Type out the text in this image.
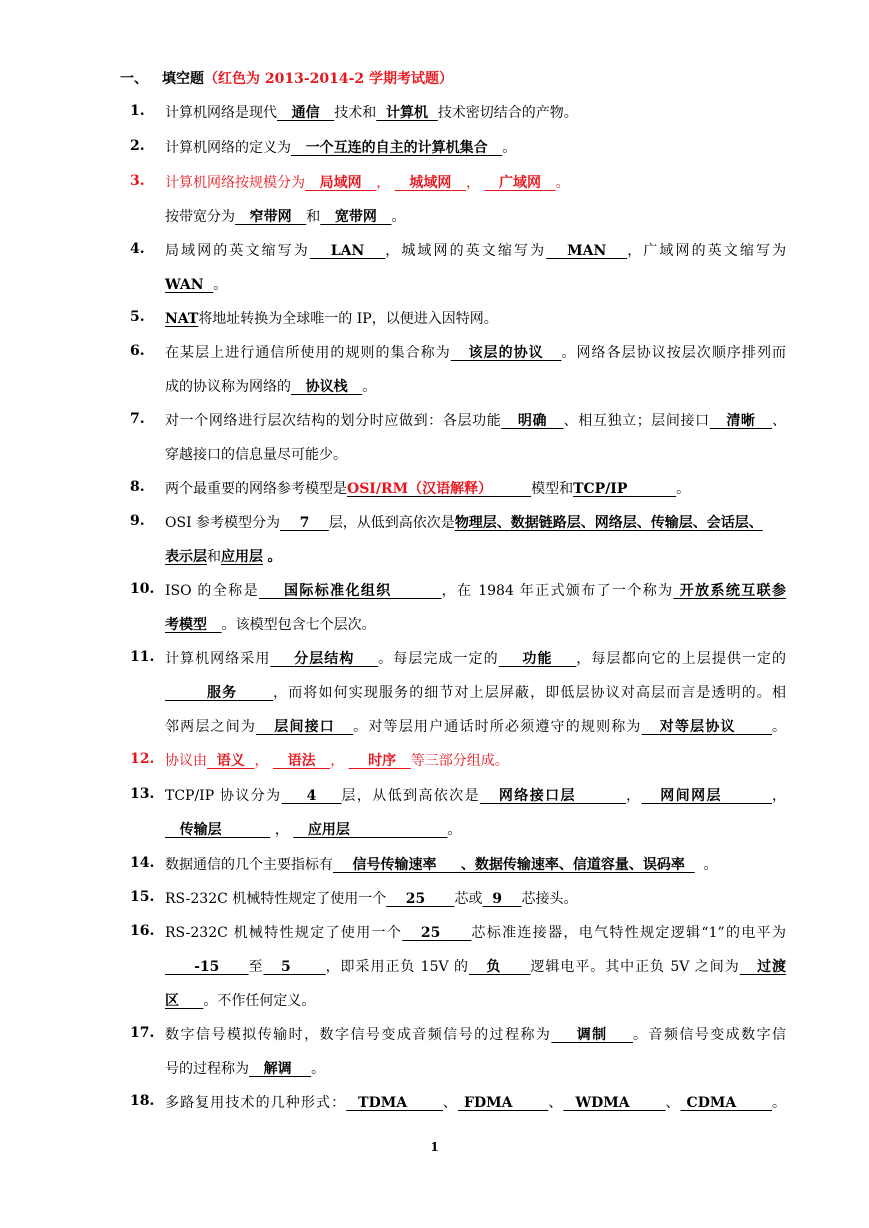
一、 填空题（红色为 2013-2014-2 学期考试题）
1.	计算机网络是现代 通信 技术和 计算机 技术密切结合的产物。
2.	计算机网络的定义为 一个互连的自主的计算机集合 。
3.	计算机网络按规模分为 局域网 ， 城域网 ， 广域网 。
按带宽分为 窄带网 和 宽带网 。
4.	局域网的英文缩写为 LAN ，城域网的英文缩写为 MAN ，广域网的英文缩写为
WAN 。
5.	NAT将地址转换为全球唯一的 IP，以便进入因特网。
6.	在某层上进行通信所使用的规则的集合称为 该层的协议 。网络各层协议按层次顺序排列而
成的协议称为网络的 协议栈 。
7.	对一个网络进行层次结构的划分时应做到：各层功能 明确 、相互独立；层间接口 清晰 、
穿越接口的信息量尽可能少。
8.	两个最重要的网络参考模型是OSI/RM（汉语解释）	模型和TCP/IP	。
9.	OSI 参考模型分为 7 层，从低到高依次是物理层、数据链路层、网络层、传输层、会话层、
表示层和应用层 。
10. ISO 的全称是 国际标准化组织	，在 1984 年正式颁布了一个称为 开放系统互联参
考模型 。该模型包含七个层次。
11. 计算机网络采用 分层结构 。每层完成一定的 功能 ，每层都向它的上层提供一定的
服务	，而将如何实现服务的细节对上层屏蔽，即低层协议对高层而言是透明的。相
邻两层之间为 层间接口 。对等层用户通话时所必须遵守的规则称为 对等层协议	。
12. 协议由 语义 ， 语法 ， 时序 等三部分组成。
13. TCP/IP 协议分为 4 层，从低到高依次是 网络接口层	， 网间网层	，
传输层	， 应用层	。
14. 数据通信的几个主要指标有 信号传输速率 、数据传输速率、信道容量、误码率 。
15. RS-232C 机械特性规定了使用一个 25 芯或 9 芯接头。
16. RS-232C 机械特性规定了使用一个 25 芯标准连接器，电气特性规定逻辑“1”的电平为
-15 至 5 ，即采用正负 15V 的 负 逻辑电平。其中正负 5V 之间为 过渡
区 。不作任何定义。
17. 数字信号模拟传输时，数字信号变成音频信号的过程称为 调制 。音频信号变成数字信
号的过程称为 解调 。
18. 多路复用技术的几种形式： TDMA	、 FDMA	、 WDMA	、 CDMA	。
1
